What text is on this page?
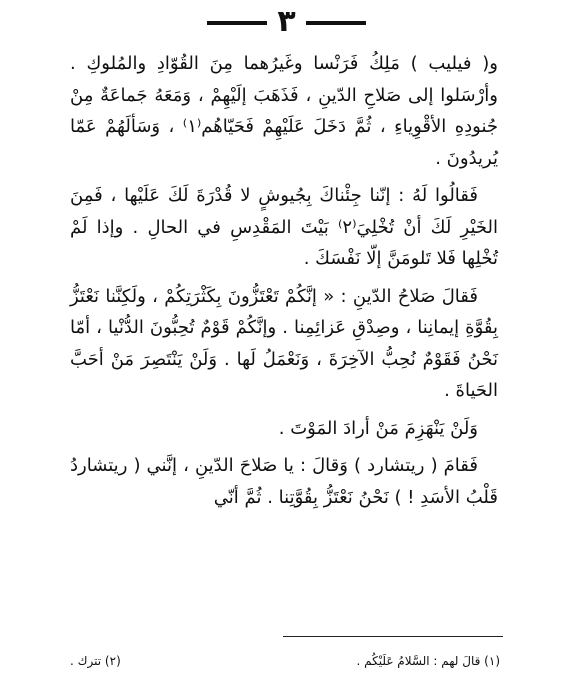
٣

و( فيليب ) مَلِكُ فَرَنْسا وغَيرُهما مِنَ القُوّادِ والمُلوكِ . وأرْسَلوا إلى صَلاحِ الدّينِ ، فَذَهَبَ إلَيْهِمْ ، وَمَعَهُ جَماعَةٌ مِنْ جُنودِهِ الأقْوِياءِ ، ثُمَّ دَخَلَ عَلَيْهِمْ فَحَيّاهُم⁽١⁾ ، وَسَألَهُمْ عَمّا يُريدُونَ .

فَقالُوا لَهُ : إنّنا جِئْناكَ بِجُيوشٍ لا قُدْرَةَ لَكَ عَلَيْها ، فَمِنَ الخَيْرِ لَكَ أنْ تُخْلِيَ⁽٢⁾ بَيْتَ المَقْدِسِ في الحالِ . وإذا لَمْ تُخْلِها فَلا تَلومَنَّ إلّا نَفْسَكَ .

فَقالَ صَلاحُ الدّينِ : « إنَّكُمْ تَعْتَزُّونَ بِكَثْرَتِكُمْ ، ولَكِنَّنا نَعْتَزُّ بِقُوَّةِ إيمانِنا ، وصِدْقِ عَزائِمِنا . وإنَّكُمْ قَوْمٌ تُحِبُّونَ الدُّنْيا ، أمّا نَحْنُ فَقَوْمٌ نُحِبُّ الآخِرَةَ ، وَنَعْمَلُ لَها . وَلَنْ يَنْتَصِرَ مَنْ أحَبَّ الحَياةَ .

وَلَنْ يَنْهَزِمَ مَنْ أرادَ المَوْتَ .

فَقامَ ( ريتشارد ) وَقالَ : يا صَلاحَ الدّينِ ، إنَّني ( ريتشاردُ قَلْبُ الأسَدِ ! ) نَحْنُ نَعْتَزُّ بِقُوَّتِنا . ثُمَّ أنّي

(١) قالَ لهم : السَّلامُ عَلَيْكُم .
(٢) تترك .
